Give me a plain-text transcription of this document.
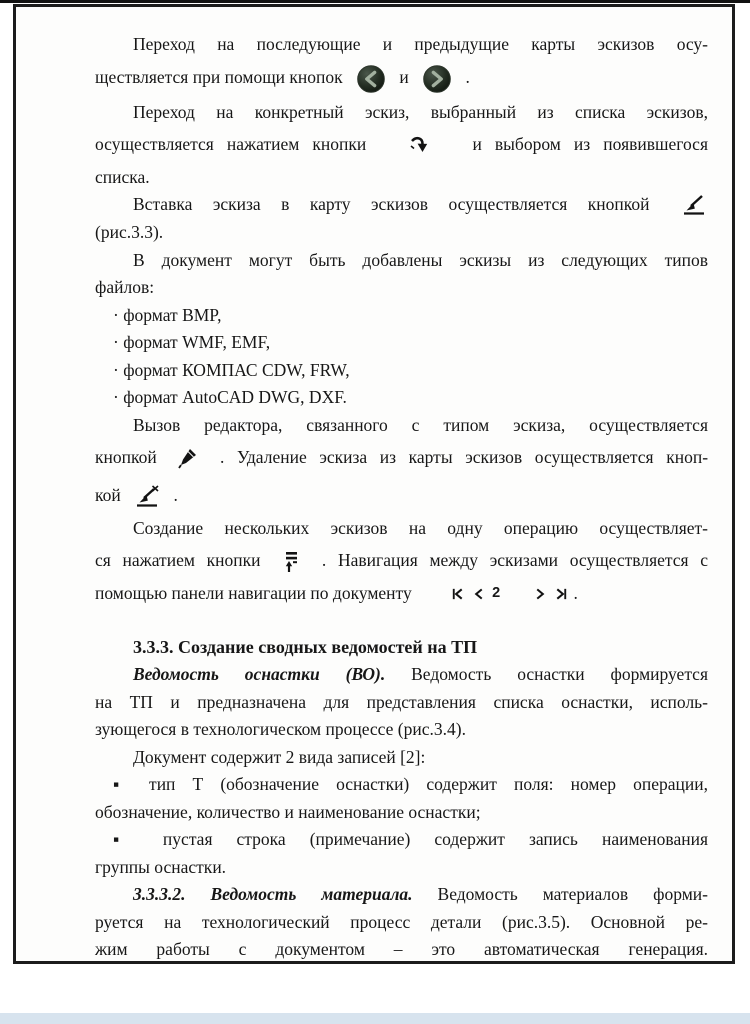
Переход на последующие и предыдущие карты эскизов осу-
ществляется при помощи кнопок	и	.
Переход на конкретный эскиз, выбранный из списка эскизов,
осуществляется нажатием кнопки	и выбором из появившегося
списка.
Вставка эскиза в карту эскизов осуществляется кнопкой
(рис.3.3).
В документ могут быть добавлены эскизы из следующих типов
файлов:
· формат BMP,
· формат WMF, EMF,
· формат КОМПАС CDW, FRW,
· формат AutoCAD DWG, DXF.
Вызов редактора, связанного с типом эскиза, осуществляется
кнопкой	. Удаление эскиза из карты эскизов осуществляется кноп-
кой	.
Создание нескольких эскизов на одну операцию осуществляет-
ся нажатием кнопки	. Навигация между эскизами осуществляется с
помощью панели навигации по документу	2	.
3.3.3. Создание сводных ведомостей на ТП
Ведомость оснастки (ВО). Ведомость оснастки формируется
на ТП и предназначена для представления списка оснастки, исполь-
зующегося в технологическом процессе (рис.3.4).
Документ содержит 2 вида записей [2]:
▪ тип Т (обозначение оснастки) содержит поля: номер операции,
обозначение, количество и наименование оснастки;
▪ пустая строка (примечание) содержит запись наименования
группы оснастки.
3.3.3.2. Ведомость материала. Ведомость материалов форми-
руется на технологический процесс детали (рис.3.5). Основной ре-
жим работы с документом – это автоматическая генерация.
